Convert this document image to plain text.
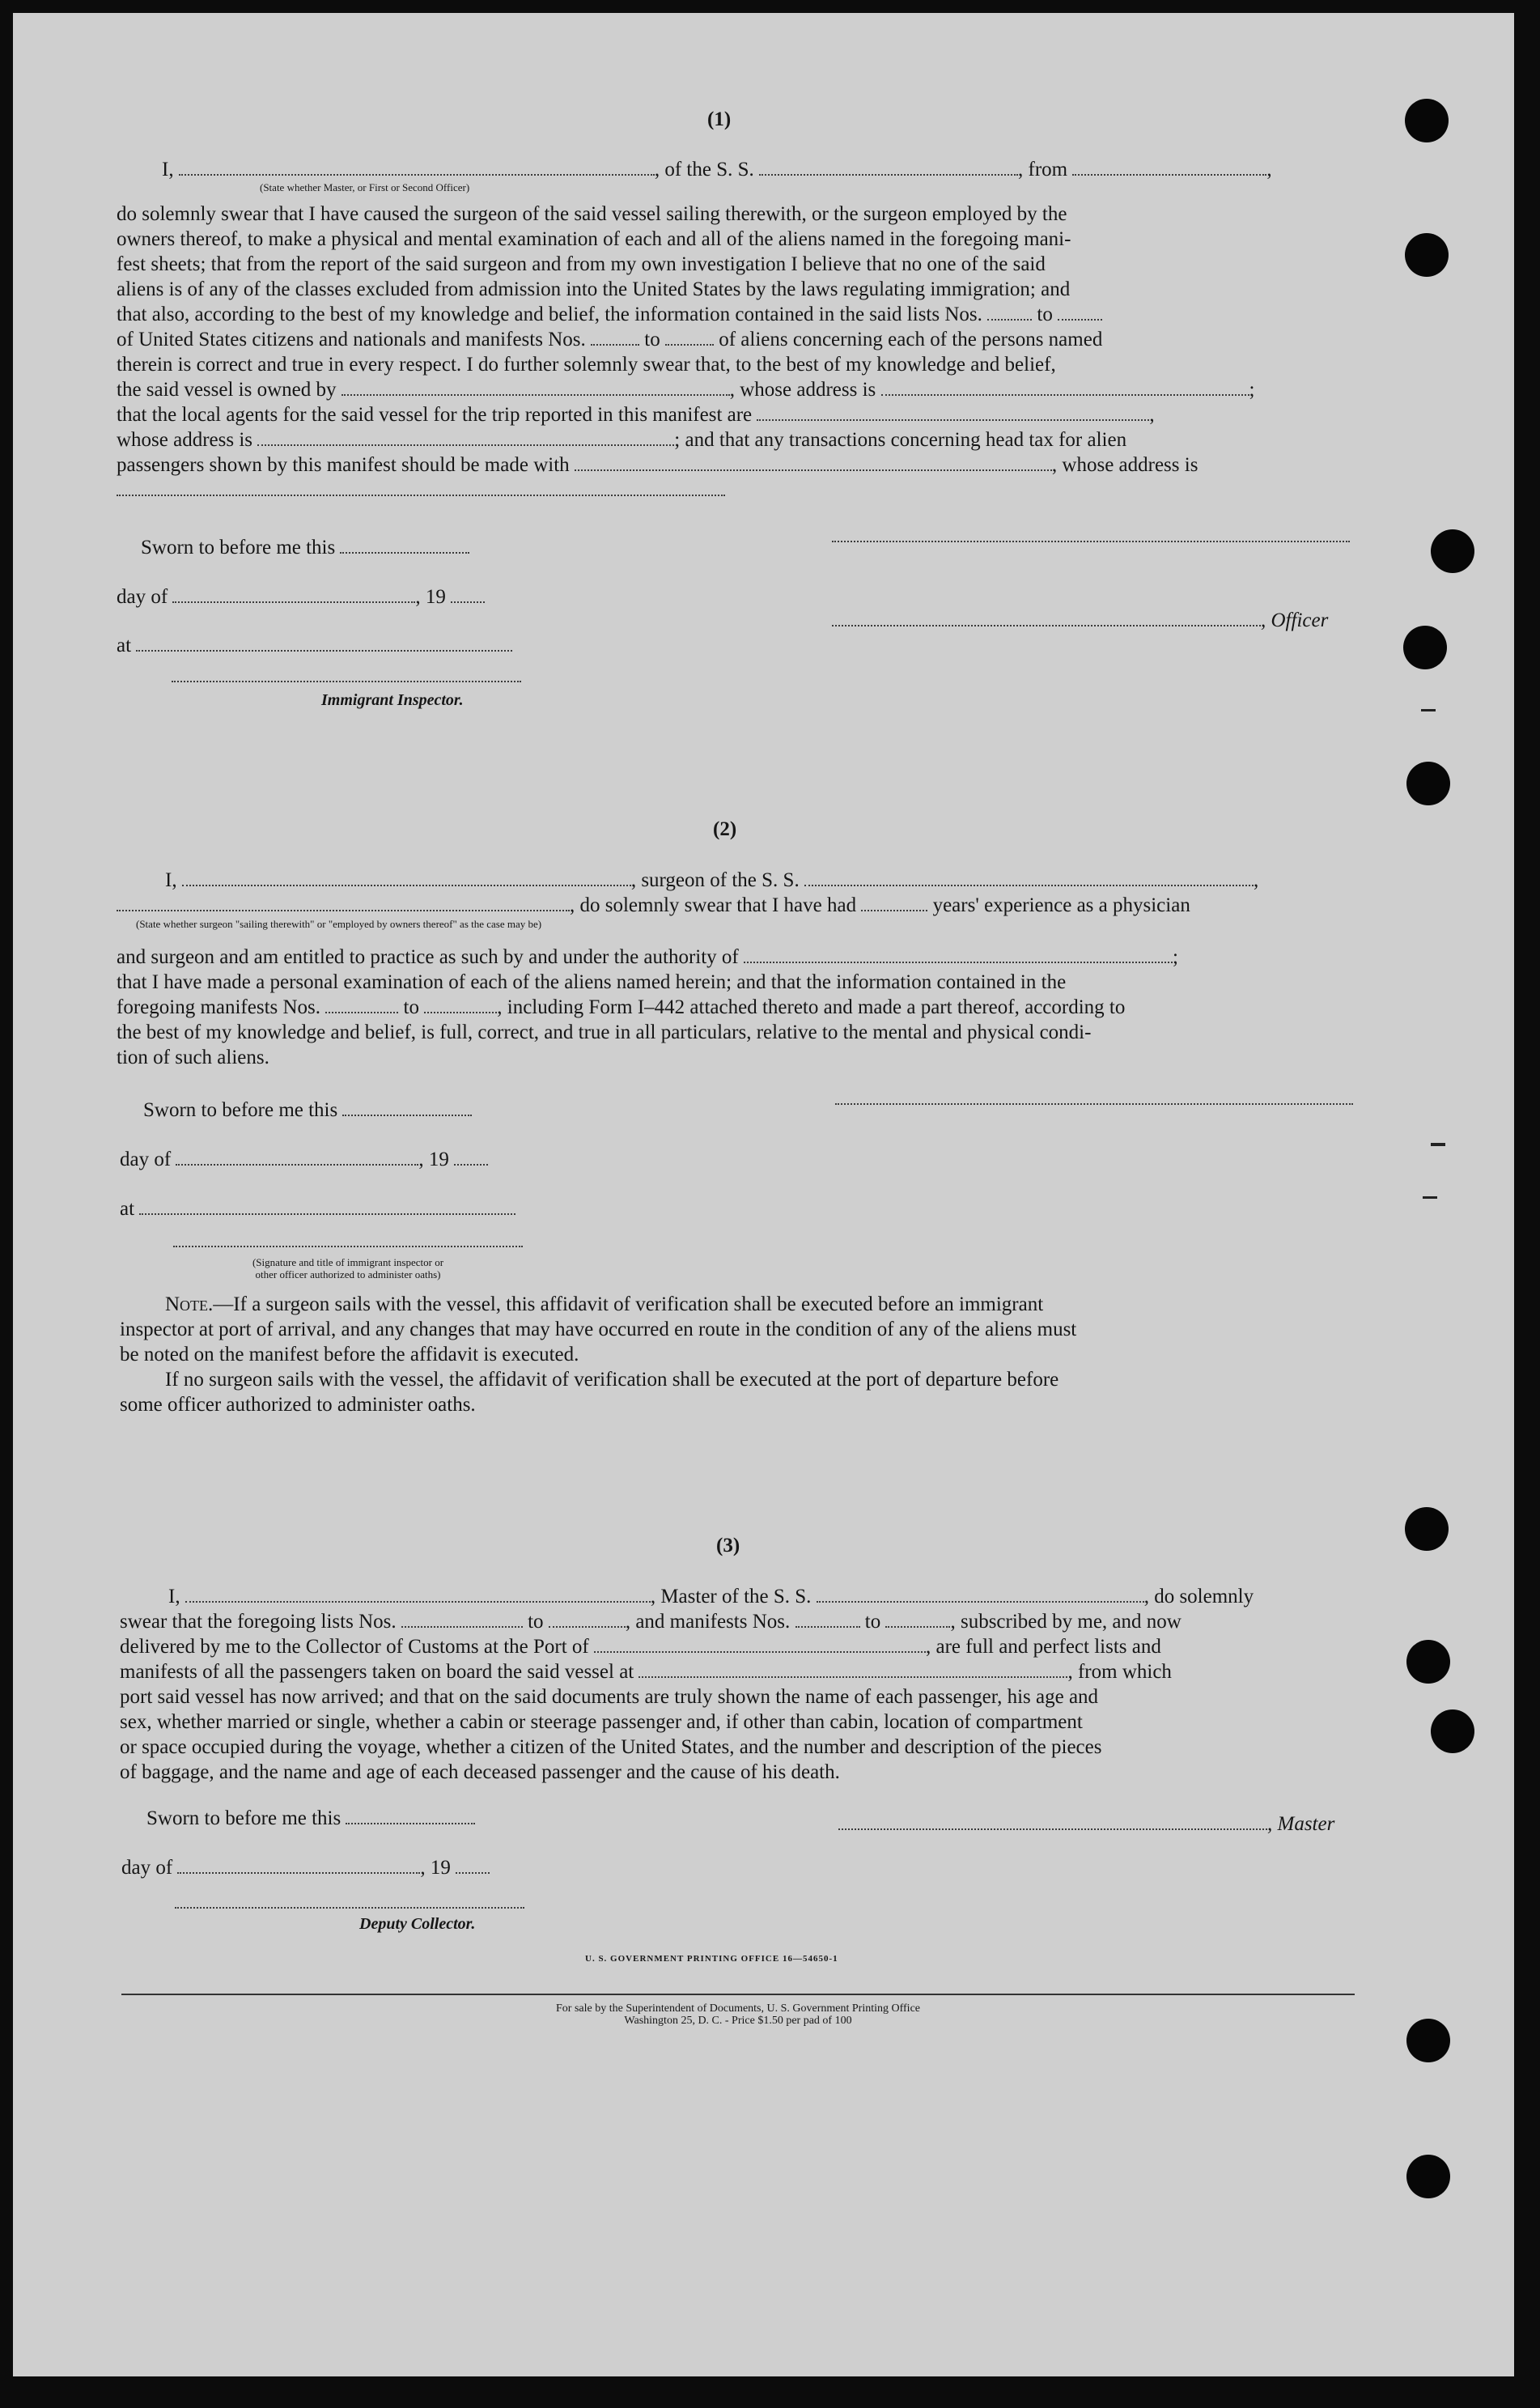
(1)
I,	, of the S. S.	, from	,
(State whether Master, or First or Second Officer)
do solemnly swear that I have caused the surgeon of the said vessel sailing therewith, or the surgeon employed by the
owners thereof, to make a physical and mental examination of each and all of the aliens named in the foregoing mani-
fest sheets; that from the report of the said surgeon and from my own investigation I believe that no one of the said
aliens is of any of the classes excluded from admission into the United States by the laws regulating immigration; and
that also, according to the best of my knowledge and belief, the information contained in the said lists Nos.	to
of United States citizens and nationals and manifests Nos.	to	of aliens concerning each of the persons named
therein is correct and true in every respect. I do further solemnly swear that, to the best of my knowledge and belief,
the said vessel is owned by	, whose address is	;
that the local agents for the said vessel for the trip reported in this manifest are	,
whose address is	; and that any transactions concerning head tax for alien
passengers shown by this manifest should be made with	, whose address is
Sworn to before me this
day of	, 19
, Officer
at
Immigrant Inspector.
(2)
I,	, surgeon of the S. S.	,
, do solemnly swear that I have had	years' experience as a physician
(State whether surgeon "sailing therewith" or "employed by owners thereof" as the case may be)
and surgeon and am entitled to practice as such by and under the authority of	;
that I have made a personal examination of each of the aliens named herein; and that the information contained in the
foregoing manifests Nos.	to	, including Form I–442 attached thereto and made a part thereof, according to
the best of my knowledge and belief, is full, correct, and true in all particulars, relative to the mental and physical condi-
tion of such aliens.
Sworn to before me this
day of	, 19
at
(Signature and title of immigrant inspector or
other officer authorized to administer oaths)
Note.—If a surgeon sails with the vessel, this affidavit of verification shall be executed before an immigrant
inspector at port of arrival, and any changes that may have occurred en route in the condition of any of the aliens must
be noted on the manifest before the affidavit is executed.
If no surgeon sails with the vessel, the affidavit of verification shall be executed at the port of departure before
some officer authorized to administer oaths.
(3)
I,	, Master of the S. S.	, do solemnly
swear that the foregoing lists Nos.	to	, and manifests Nos.	to	, subscribed by me, and now
delivered by me to the Collector of Customs at the Port of	, are full and perfect lists and
manifests of all the passengers taken on board the said vessel at	, from which
port said vessel has now arrived; and that on the said documents are truly shown the name of each passenger, his age and
sex, whether married or single, whether a cabin or steerage passenger and, if other than cabin, location of compartment
or space occupied during the voyage, whether a citizen of the United States, and the number and description of the pieces
of baggage, and the name and age of each deceased passenger and the cause of his death.
Sworn to before me this	, Master
day of	, 19
Deputy Collector.
U. S. GOVERNMENT PRINTING OFFICE 16—54650-1
For sale by the Superintendent of Documents, U. S. Government Printing Office
Washington 25, D. C. - Price $1.50 per pad of 100
